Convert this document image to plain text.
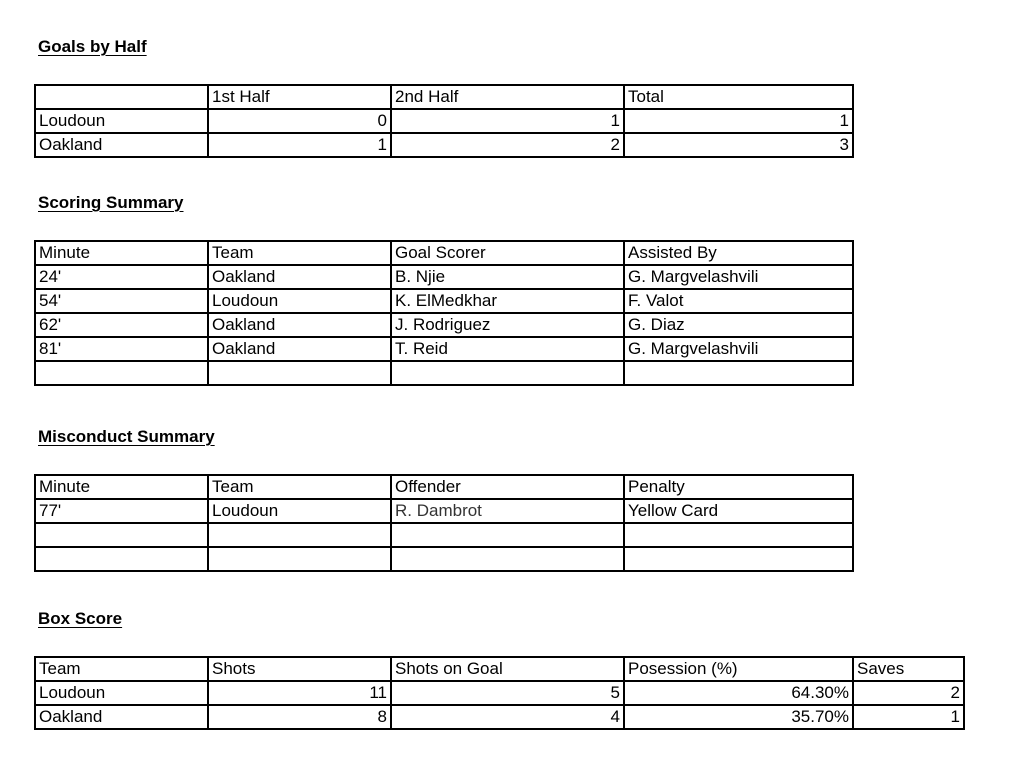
Goals by Half
	1st Half	2nd Half	Total
Loudoun	0	1	1
Oakland	1	2	3
Scoring Summary
Minute	Team	Goal Scorer	Assisted By
24'	Oakland	B. Njie	G. Margvelashvili
54'	Loudoun	K. ElMedkhar	F. Valot
62'	Oakland	J. Rodriguez	G. Diaz
81'	Oakland	T. Reid	G. Margvelashvili

Misconduct Summary
Minute	Team	Offender	Penalty
77'	Loudoun	R. Dambrot	Yellow Card

Box Score
Team	Shots	Shots on Goal	Posession (%)	Saves
Loudoun	11	5	64.30%	2
Oakland	8	4	35.70%	1
